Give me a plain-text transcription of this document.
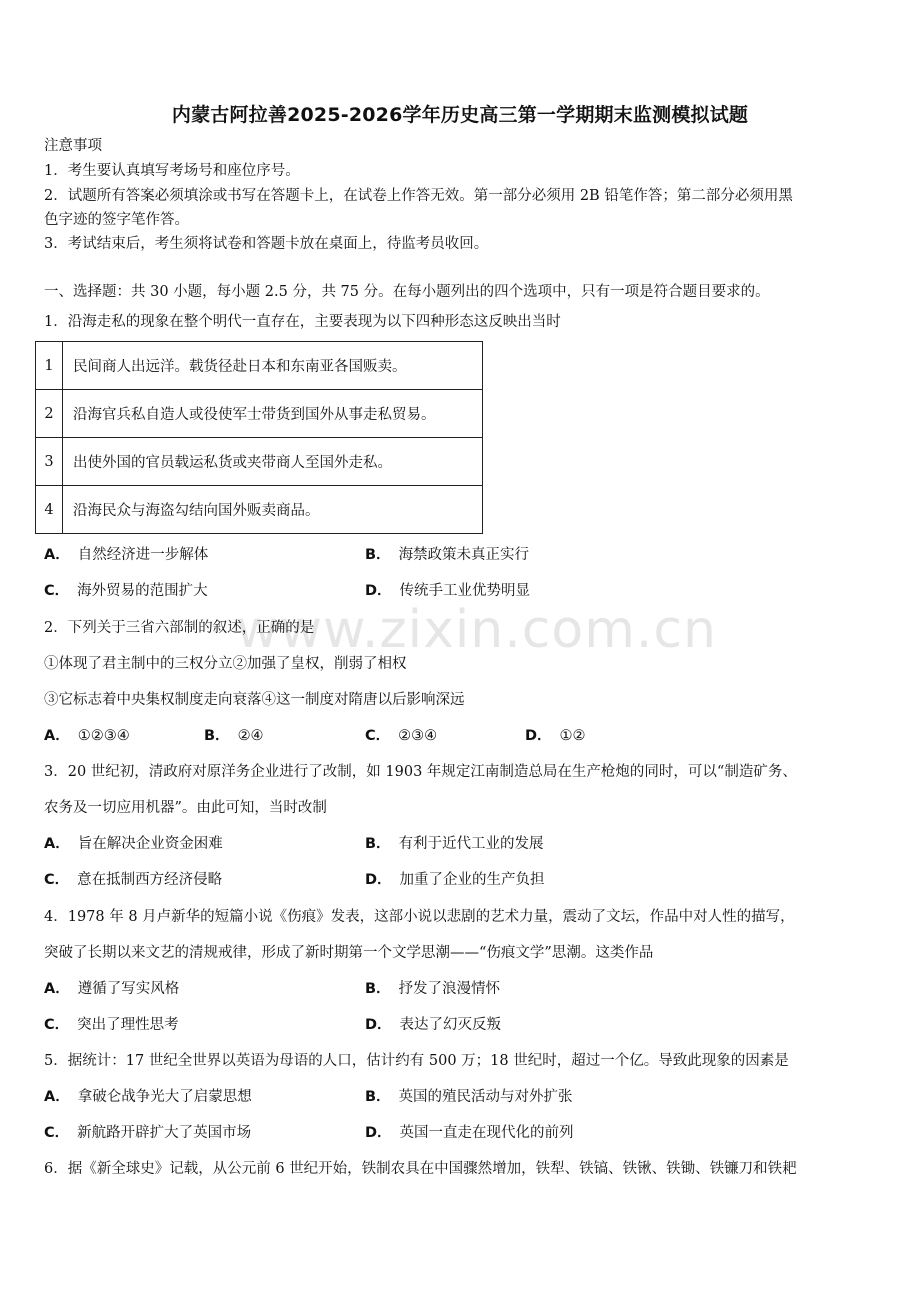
www.zixin.com.cn
内蒙古阿拉善2025-2026学年历史高三第一学期期末监测模拟试题
注意事项
1．考生要认真填写考场号和座位序号。
2．试题所有答案必须填涂或书写在答题卡上，在试卷上作答无效。第一部分必须用 2B 铅笔作答；第二部分必须用黑
色字迹的签字笔作答。
3．考试结束后，考生须将试卷和答题卡放在桌面上，待监考员收回。
一、选择题：共 30 小题，每小题 2.5 分，共 75 分。在每小题列出的四个选项中，只有一项是符合题目要求的。
1．沿海走私的现象在整个明代一直存在，主要表现为以下四种形态这反映出当时
1	民间商人出远洋。载货径赴日本和东南亚各国贩卖。
2	沿海官兵私自造人或役使军士带货到国外从事走私贸易。
3	出使外国的官员载运私货或夹带商人至国外走私。
4	沿海民众与海盗勾结向国外贩卖商品。
A． 自然经济进一步解体	B． 海禁政策未真正实行
C． 海外贸易的范围扩大	D． 传统手工业优势明显
2．下列关于三省六部制的叙述，正确的是
①体现了君主制中的三权分立②加强了皇权，削弱了相权
③它标志着中央集权制度走向衰落④这一制度对隋唐以后影响深远
A． ①②③④	B． ②④	C． ②③④	D． ①②
3．20 世纪初，清政府对原洋务企业进行了改制，如 1903 年规定江南制造总局在生产枪炮的同时，可以“制造矿务、
农务及一切应用机器”。由此可知，当时改制
A． 旨在解决企业资金困难	B． 有利于近代工业的发展
C． 意在抵制西方经济侵略	D． 加重了企业的生产负担
4．1978 年 8 月卢新华的短篇小说《伤痕》发表，这部小说以悲剧的艺术力量，震动了文坛，作品中对人性的描写，
突破了长期以来文艺的清规戒律，形成了新时期第一个文学思潮——“伤痕文学”思潮。这类作品
A． 遵循了写实风格	B． 抒发了浪漫情怀
C． 突出了理性思考	D． 表达了幻灭反叛
5．据统计：17 世纪全世界以英语为母语的人口，估计约有 500 万；18 世纪时，超过一个亿。导致此现象的因素是
A． 拿破仑战争光大了启蒙思想	B． 英国的殖民活动与对外扩张
C． 新航路开辟扩大了英国市场	D． 英国一直走在现代化的前列
6．据《新全球史》记载，从公元前 6 世纪开始，铁制农具在中国骤然增加，铁犁、铁镐、铁锹、铁锄、铁镰刀和铁耙
